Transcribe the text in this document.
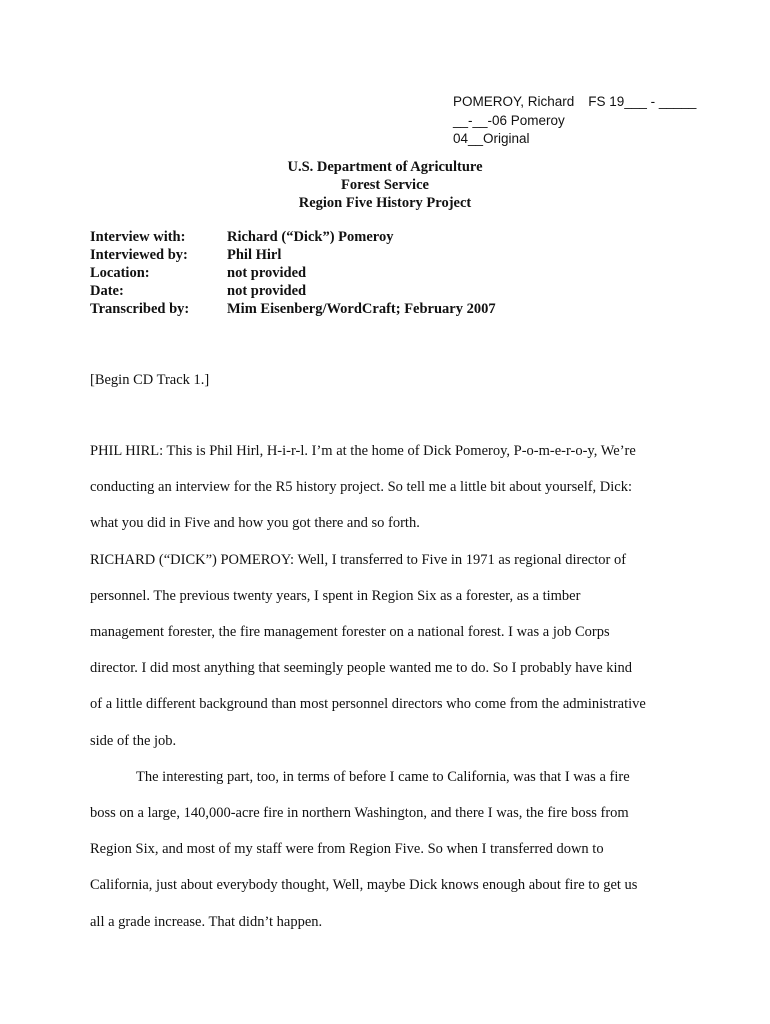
POMEROY, Richard FS 19___ - _____
__-__-06 Pomeroy
04__Original
U.S. Department of Agriculture
Forest Service
Region Five History Project
Interview with:	Richard (“Dick”) Pomeroy
Interviewed by:	Phil Hirl
Location:	not provided
Date:	not provided
Transcribed by:	Mim Eisenberg/WordCraft; February 2007
[Begin CD Track 1.]
PHIL HIRL: This is Phil Hirl, H-i-r-l. I’m at the home of Dick Pomeroy, P-o-m-e-r-o-y, We’re
conducting an interview for the R5 history project. So tell me a little bit about yourself, Dick:
what you did in Five and how you got there and so forth.
RICHARD (“DICK”) POMEROY: Well, I transferred to Five in 1971 as regional director of
personnel. The previous twenty years, I spent in Region Six as a forester, as a timber
management forester, the fire management forester on a national forest. I was a job Corps
director. I did most anything that seemingly people wanted me to do. So I probably have kind
of a little different background than most personnel directors who come from the administrative
side of the job.
The interesting part, too, in terms of before I came to California, was that I was a fire
boss on a large, 140,000-acre fire in northern Washington, and there I was, the fire boss from
Region Six, and most of my staff were from Region Five. So when I transferred down to
California, just about everybody thought, Well, maybe Dick knows enough about fire to get us
all a grade increase. That didn’t happen.
